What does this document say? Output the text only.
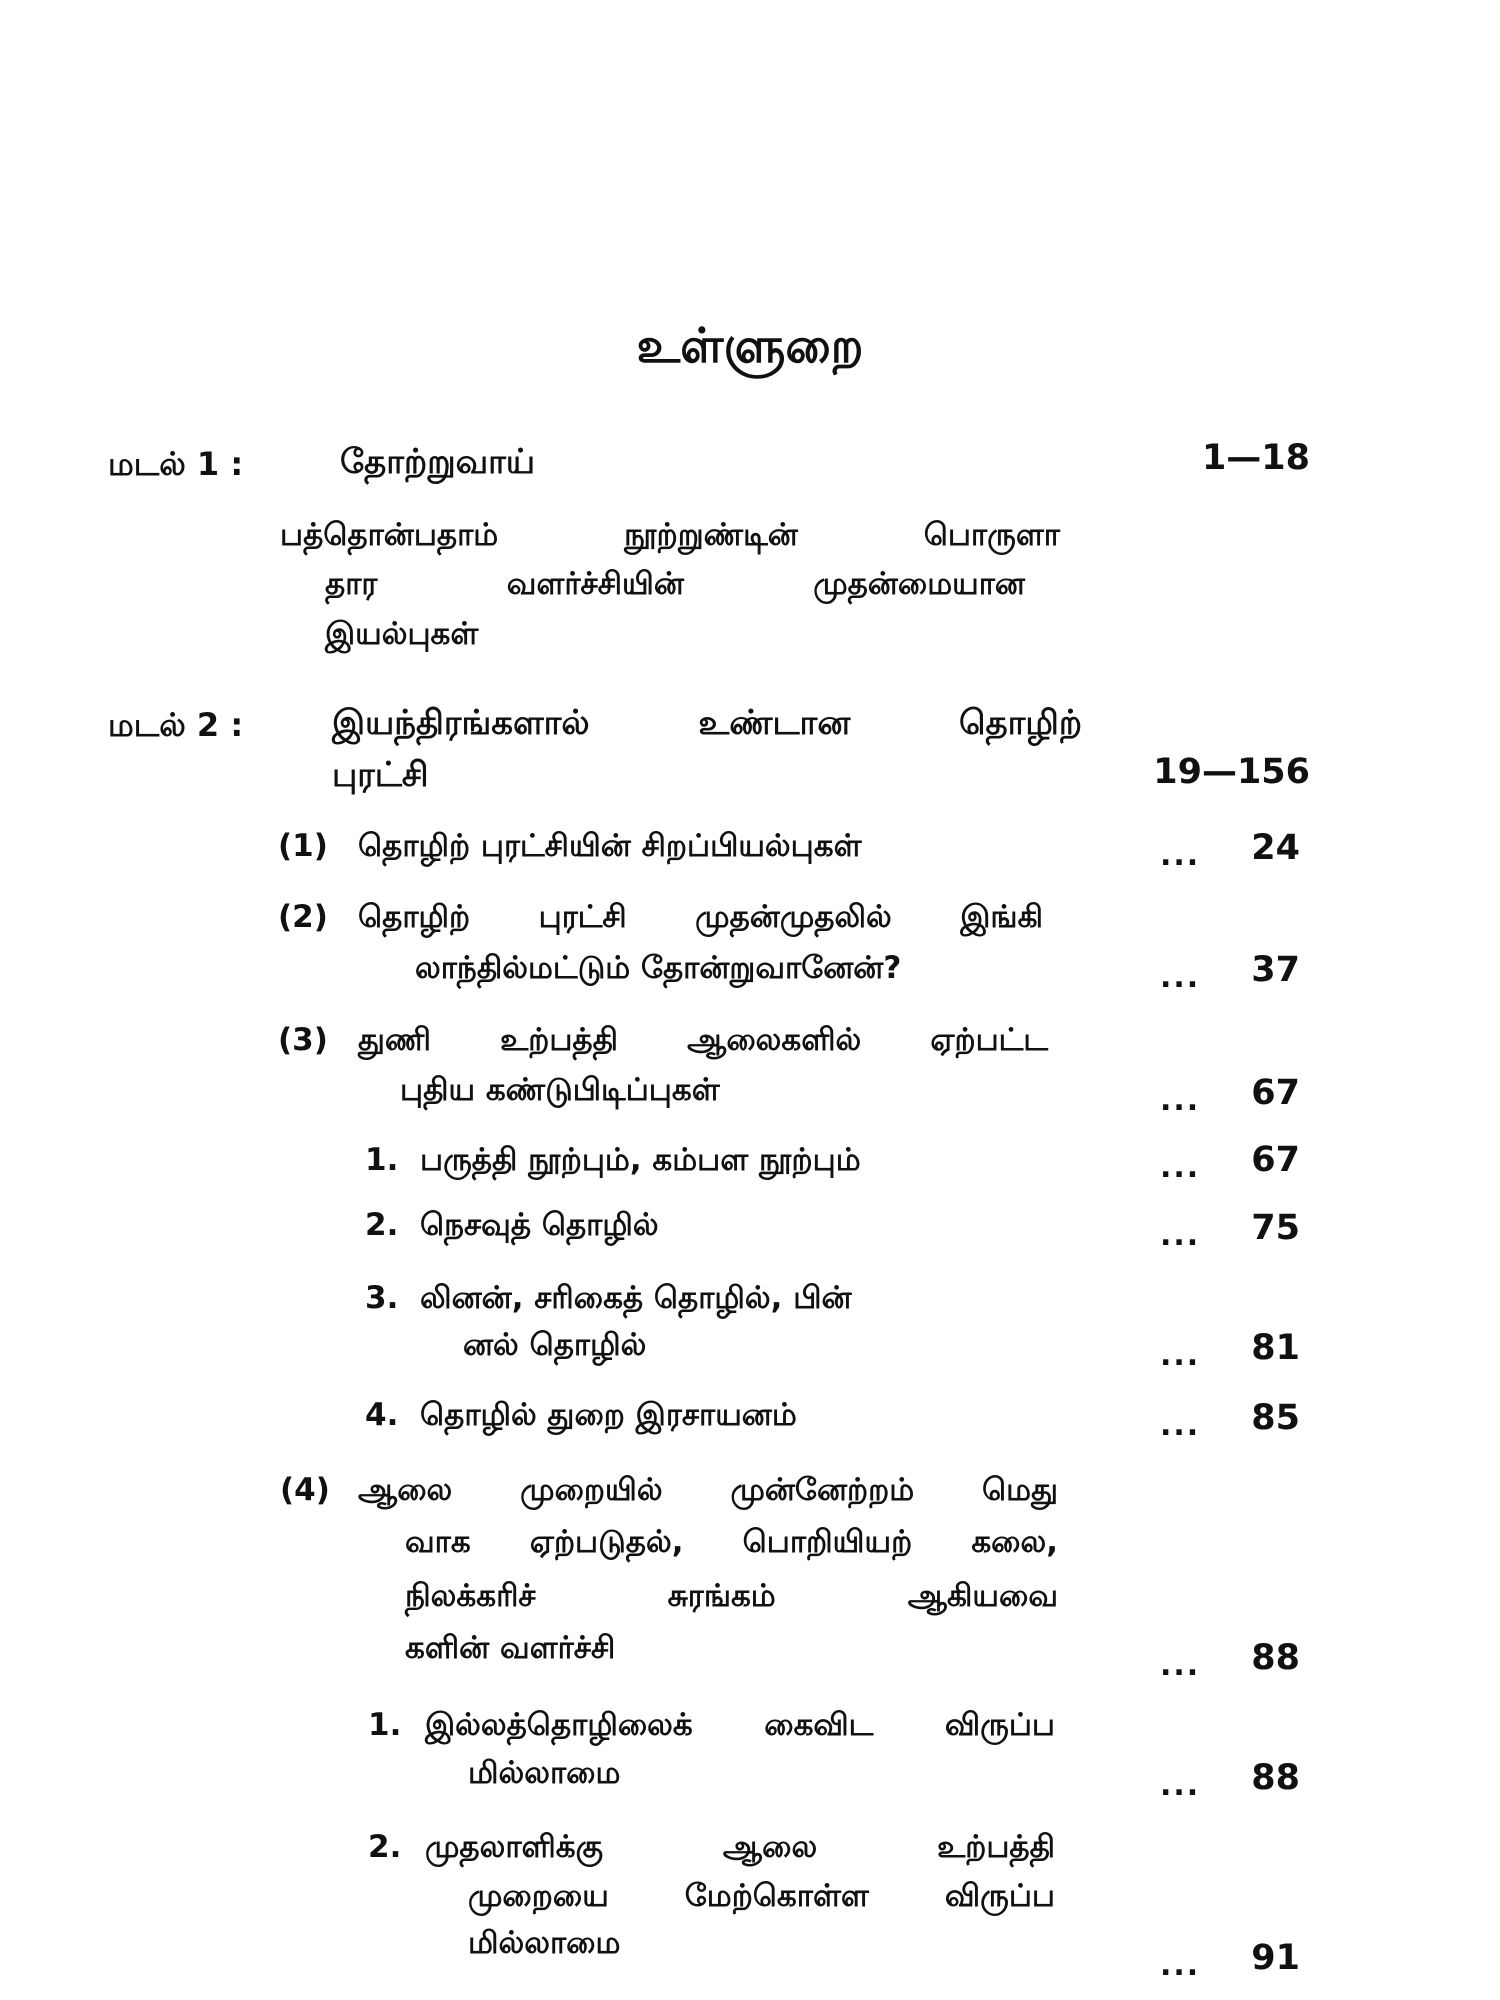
உள்ளுறை
மடல் 1 :	தோற்றுவாய்	1—18
பத்தொன்பதாம் நூற்றுண்டின் பொருளா
தார வளர்ச்சியின் முதன்மையான
இயல்புகள்
மடல் 2 :	இயந்திரங்களால் உண்டான தொழிற்
புரட்சி	19—156
(1) தொழிற் புரட்சியின் சிறப்பியல்புகள்	...	24
(2) தொழிற் புரட்சி முதன்முதலில் இங்கி
லாந்தில்மட்டும் தோன்றுவானேன்?	...	37
(3) துணி உற்பத்தி ஆலைகளில் ஏற்பட்ட
புதிய கண்டுபிடிப்புகள்	...	67
1. பருத்தி நூற்பும், கம்பள நூற்பும்	...	67
2. நெசவுத் தொழில்	...	75
3. லினன், சரிகைத் தொழில், பின்
னல் தொழில்	...	81
4. தொழில் துறை இரசாயனம்	...	85
(4) ஆலை முறையில் முன்னேற்றம் மெது
வாக ஏற்படுதல், பொறியியற் கலை,
நிலக்கரிச் சுரங்கம் ஆகியவை
களின் வளர்ச்சி	...	88
1. இல்லத்தொழிலைக் கைவிட விருப்ப
மில்லாமை	...	88
2. முதலாளிக்கு ஆலை உற்பத்தி
முறையை மேற்கொள்ள விருப்ப
மில்லாமை
...	91
